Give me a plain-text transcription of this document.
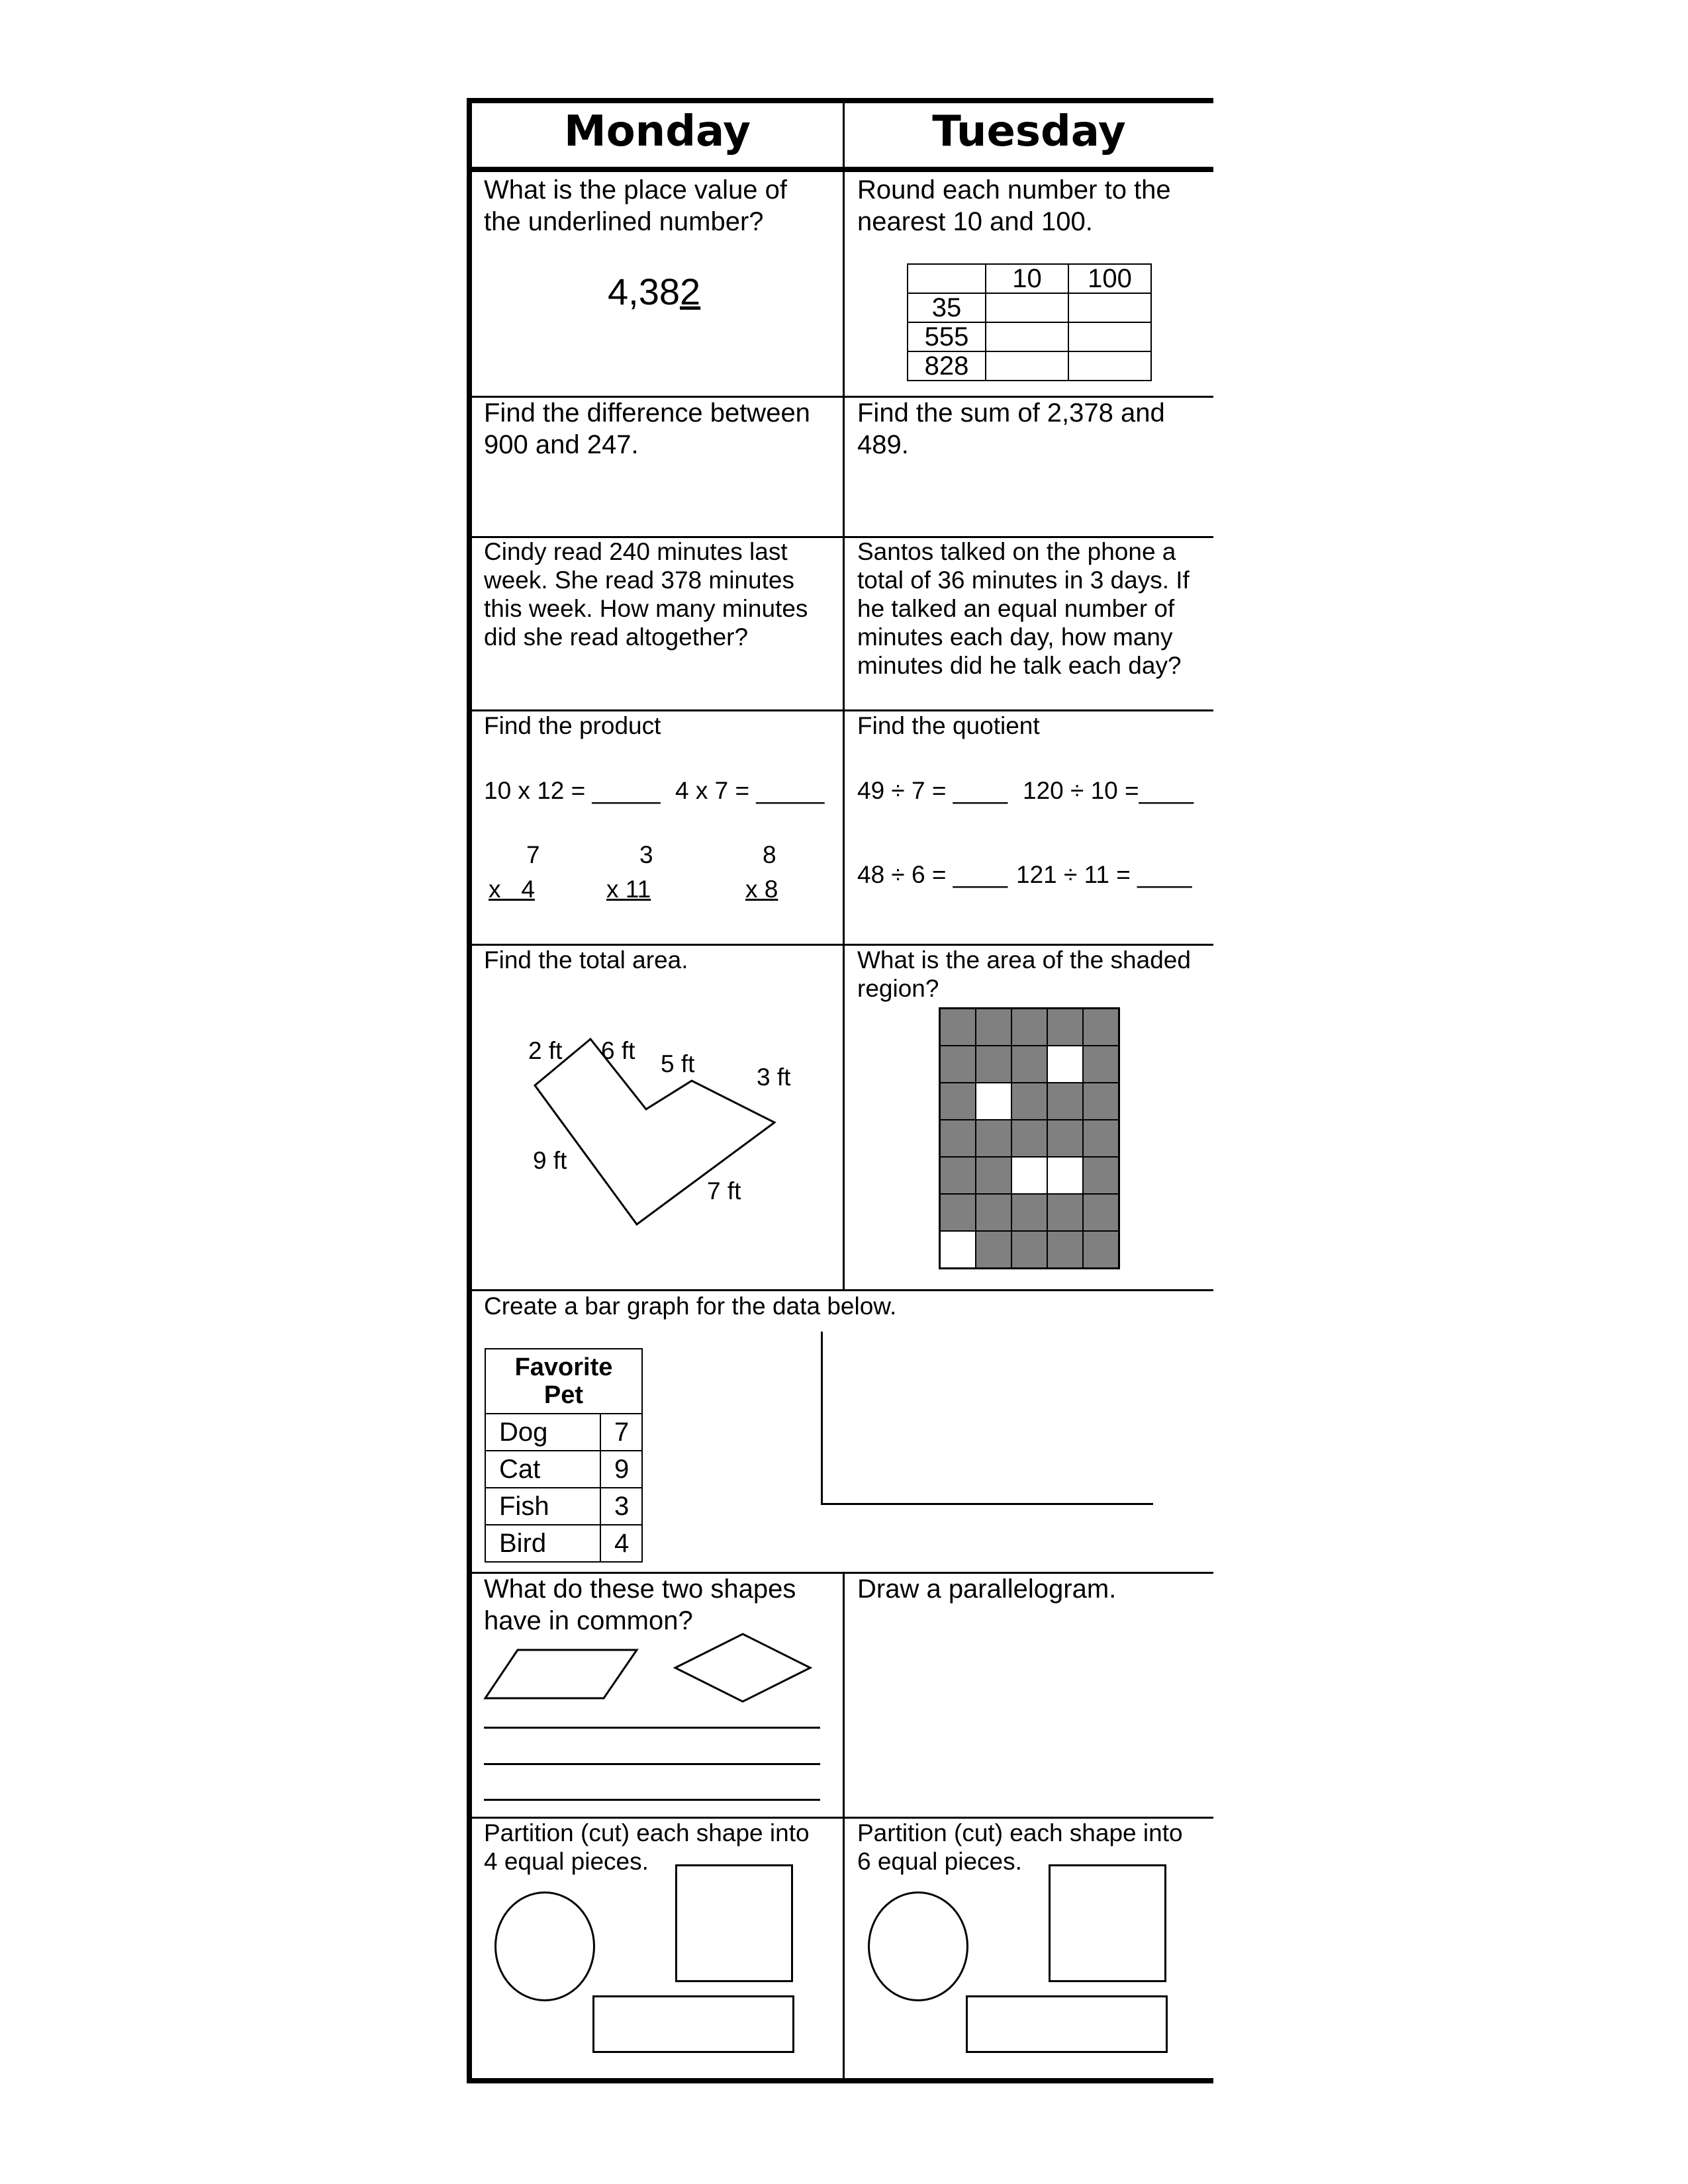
Monday	Tuesday
What is the place value of
the underlined number?
4,382
Round each number to the
nearest 10 and 100.
	10	100
35		
555		
828		
Find the difference between
900 and 247.
Find the sum of 2,378 and
489.
Cindy read 240 minutes last
week. She read 378 minutes
this week. How many minutes
did she read altogether?
Santos talked on the phone a
total of 36 minutes in 3 days. If
he talked an equal number of
minutes each day, how many
minutes did he talk each day?
Find the product
10 x 12 = _____ 4 x 7 = _____
7
x   4
3
x 11
8
x 8
Find the quotient
49 ÷ 7 = ____ 120 ÷ 10 =____
48 ÷ 6 = ____ 121 ÷ 11 = ____
Find the total area.
2 ft 6 ft 5 ft	3 ft
9 ft
7 ft
What is the area of the shaded
region?
Create a bar graph for the data below.
Favorite
Pet	

Dog	7
Cat	9
Fish	3
Bird	4
What do these two shapes
have in common?
Draw a parallelogram.
Partition (cut) each shape into
4 equal pieces.
Partition (cut) each shape into
6 equal pieces.
